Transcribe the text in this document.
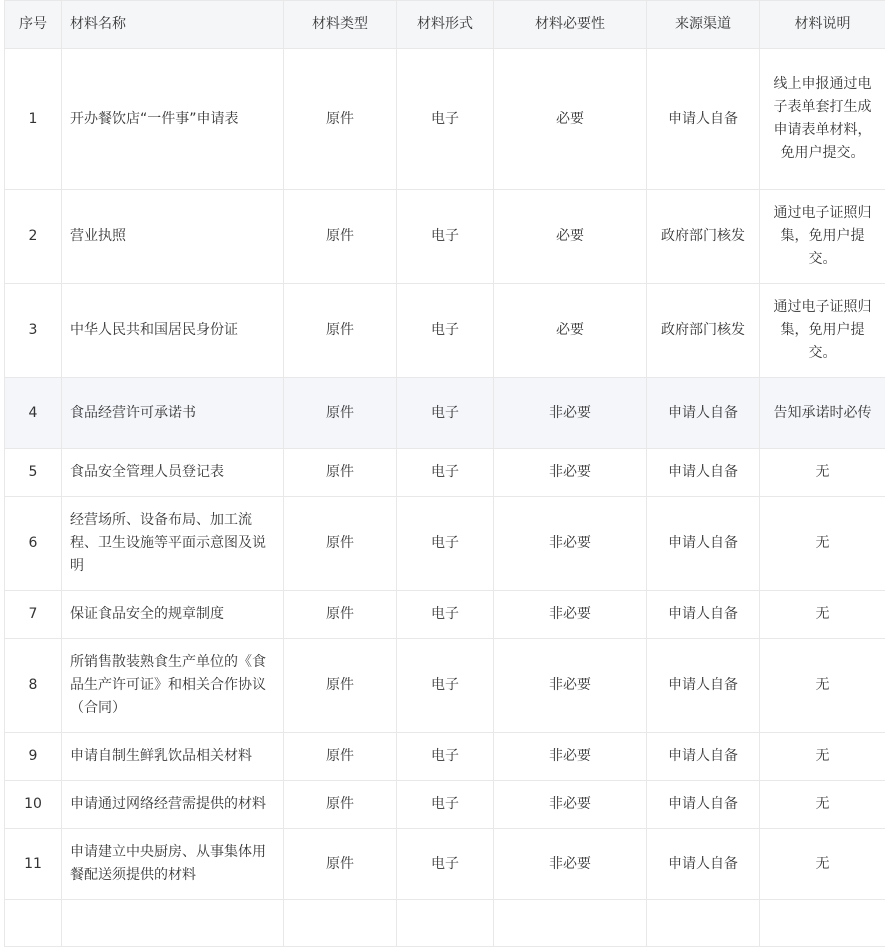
序号	材料名称	材料类型	材料形式	材料必要性	来源渠道	材料说明
1	开办餐饮店“一件事”申请表	原件	电子	必要	申请人自备	线上申报通过电子表单套打生成申请表单材料，免用户提交。
2	营业执照	原件	电子	必要	政府部门核发	通过电子证照归集，免用户提交。
3	中华人民共和国居民身份证	原件	电子	必要	政府部门核发	通过电子证照归集，免用户提交。
4	食品经营许可承诺书	原件	电子	非必要	申请人自备	告知承诺时必传
5	食品安全管理人员登记表	原件	电子	非必要	申请人自备	无
6	经营场所、设备布局、加工流程、卫生设施等平面示意图及说明	原件	电子	非必要	申请人自备	无
7	保证食品安全的规章制度	原件	电子	非必要	申请人自备	无
8	所销售散装熟食生产单位的《食品生产许可证》和相关合作协议（合同）	原件	电子	非必要	申请人自备	无
9	申请自制生鲜乳饮品相关材料	原件	电子	非必要	申请人自备	无
10	申请通过网络经营需提供的材料	原件	电子	非必要	申请人自备	无
11	申请建立中央厨房、从事集体用餐配送须提供的材料	原件	电子	非必要	申请人自备	无
